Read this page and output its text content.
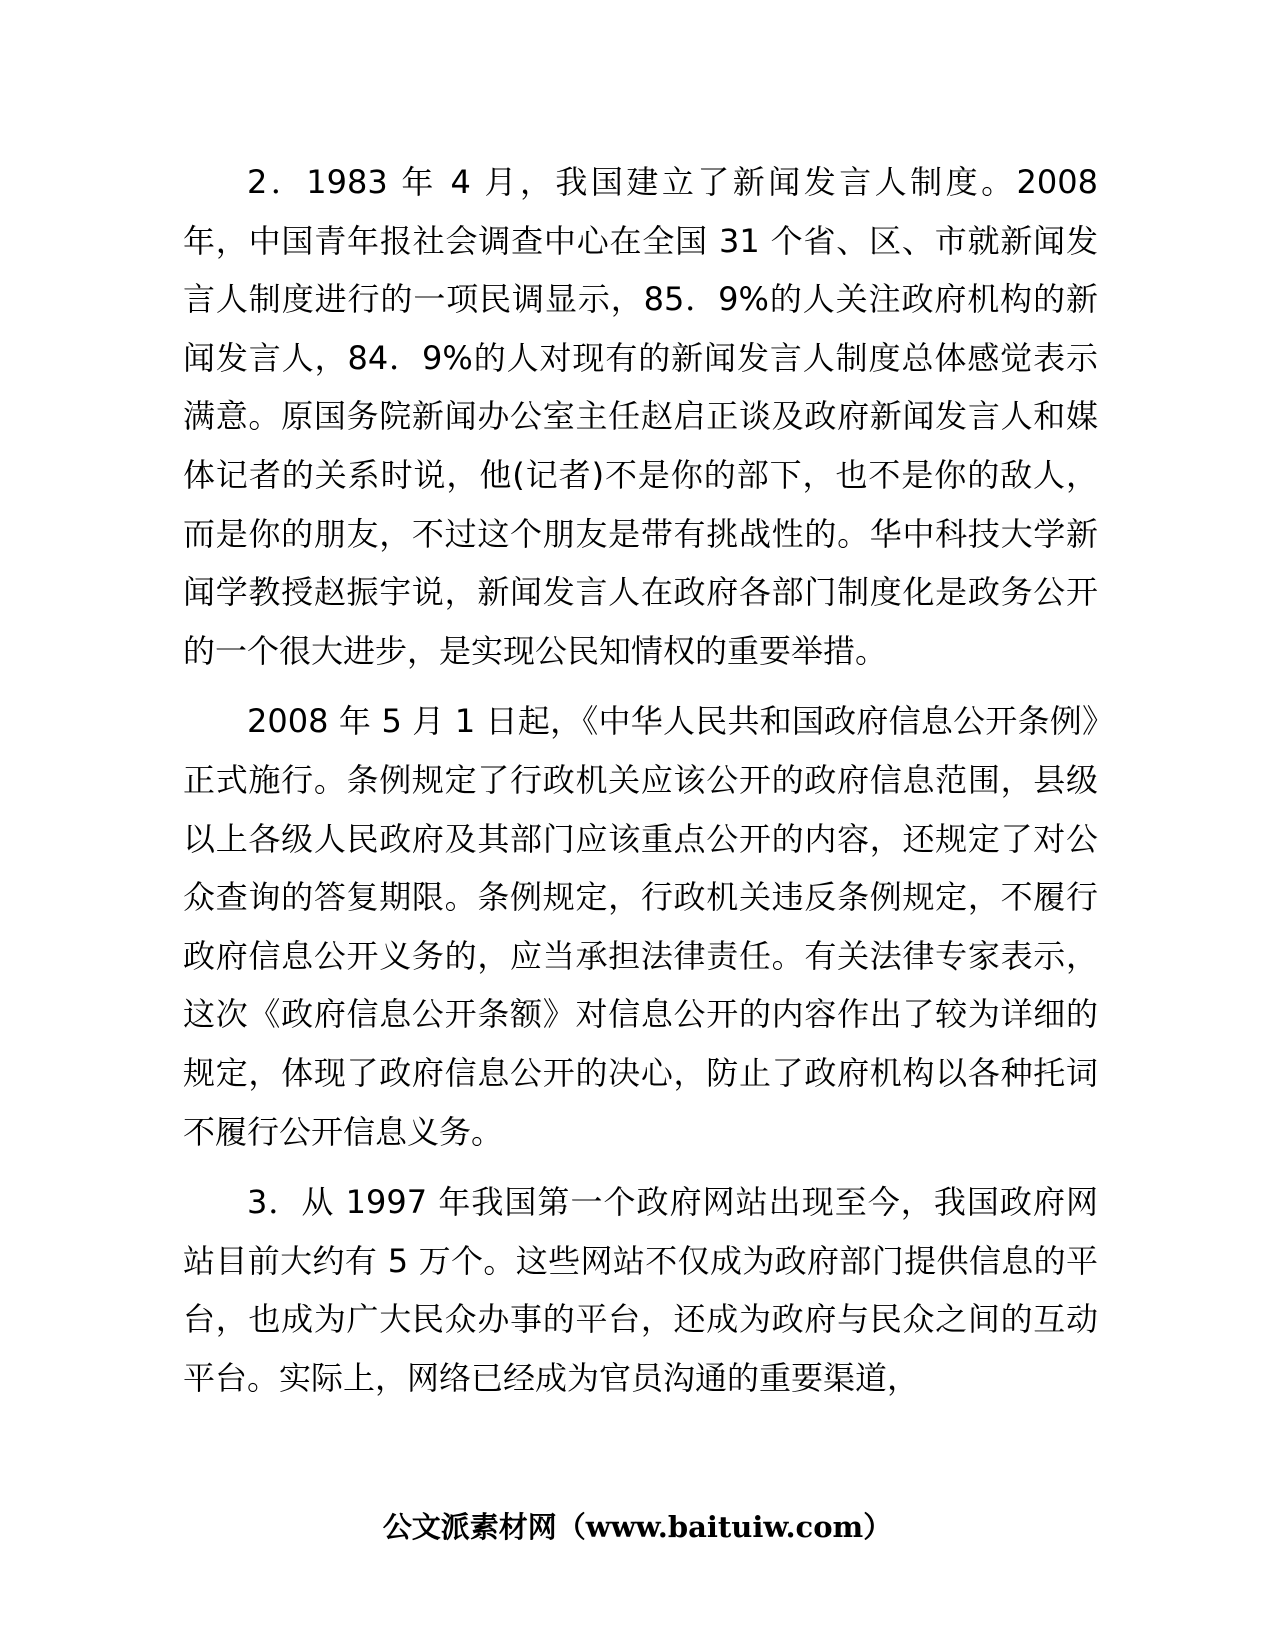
2．1983 年 4 月，我国建立了新闻发言人制度。2008 年，中国青年报社会调查中心在全国 31 个省、区、市就新闻发言人制度进行的一项民调显示，85．9%的人关注政府机构的新闻发言人，84．9%的人对现有的新闻发言人制度总体感觉表示满意。原国务院新闻办公室主任赵启正谈及政府新闻发言人和媒体记者的关系时说，他(记者)不是你的部下，也不是你的敌人，而是你的朋友，不过这个朋友是带有挑战性的。华中科技大学新闻学教授赵振宇说，新闻发言人在政府各部门制度化是政务公开的一个很大进步，是实现公民知情权的重要举措。

2008 年 5 月 1 日起，《中华人民共和国政府信息公开条例》正式施行。条例规定了行政机关应该公开的政府信息范围，县级以上各级人民政府及其部门应该重点公开的内容，还规定了对公众查询的答复期限。条例规定，行政机关违反条例规定，不履行政府信息公开义务的，应当承担法律责任。有关法律专家表示，这次《政府信息公开条额》对信息公开的内容作出了较为详细的规定，体现了政府信息公开的决心，防止了政府机构以各种托词不履行公开信息义务。

3．从 1997 年我国第一个政府网站出现至今，我国政府网站目前大约有 5 万个。这些网站不仅成为政府部门提供信息的平台，也成为广大民众办事的平台，还成为政府与民众之间的互动平台。实际上，网络已经成为官员沟通的重要渠道，

公文派素材网（www.baituiw.com）
